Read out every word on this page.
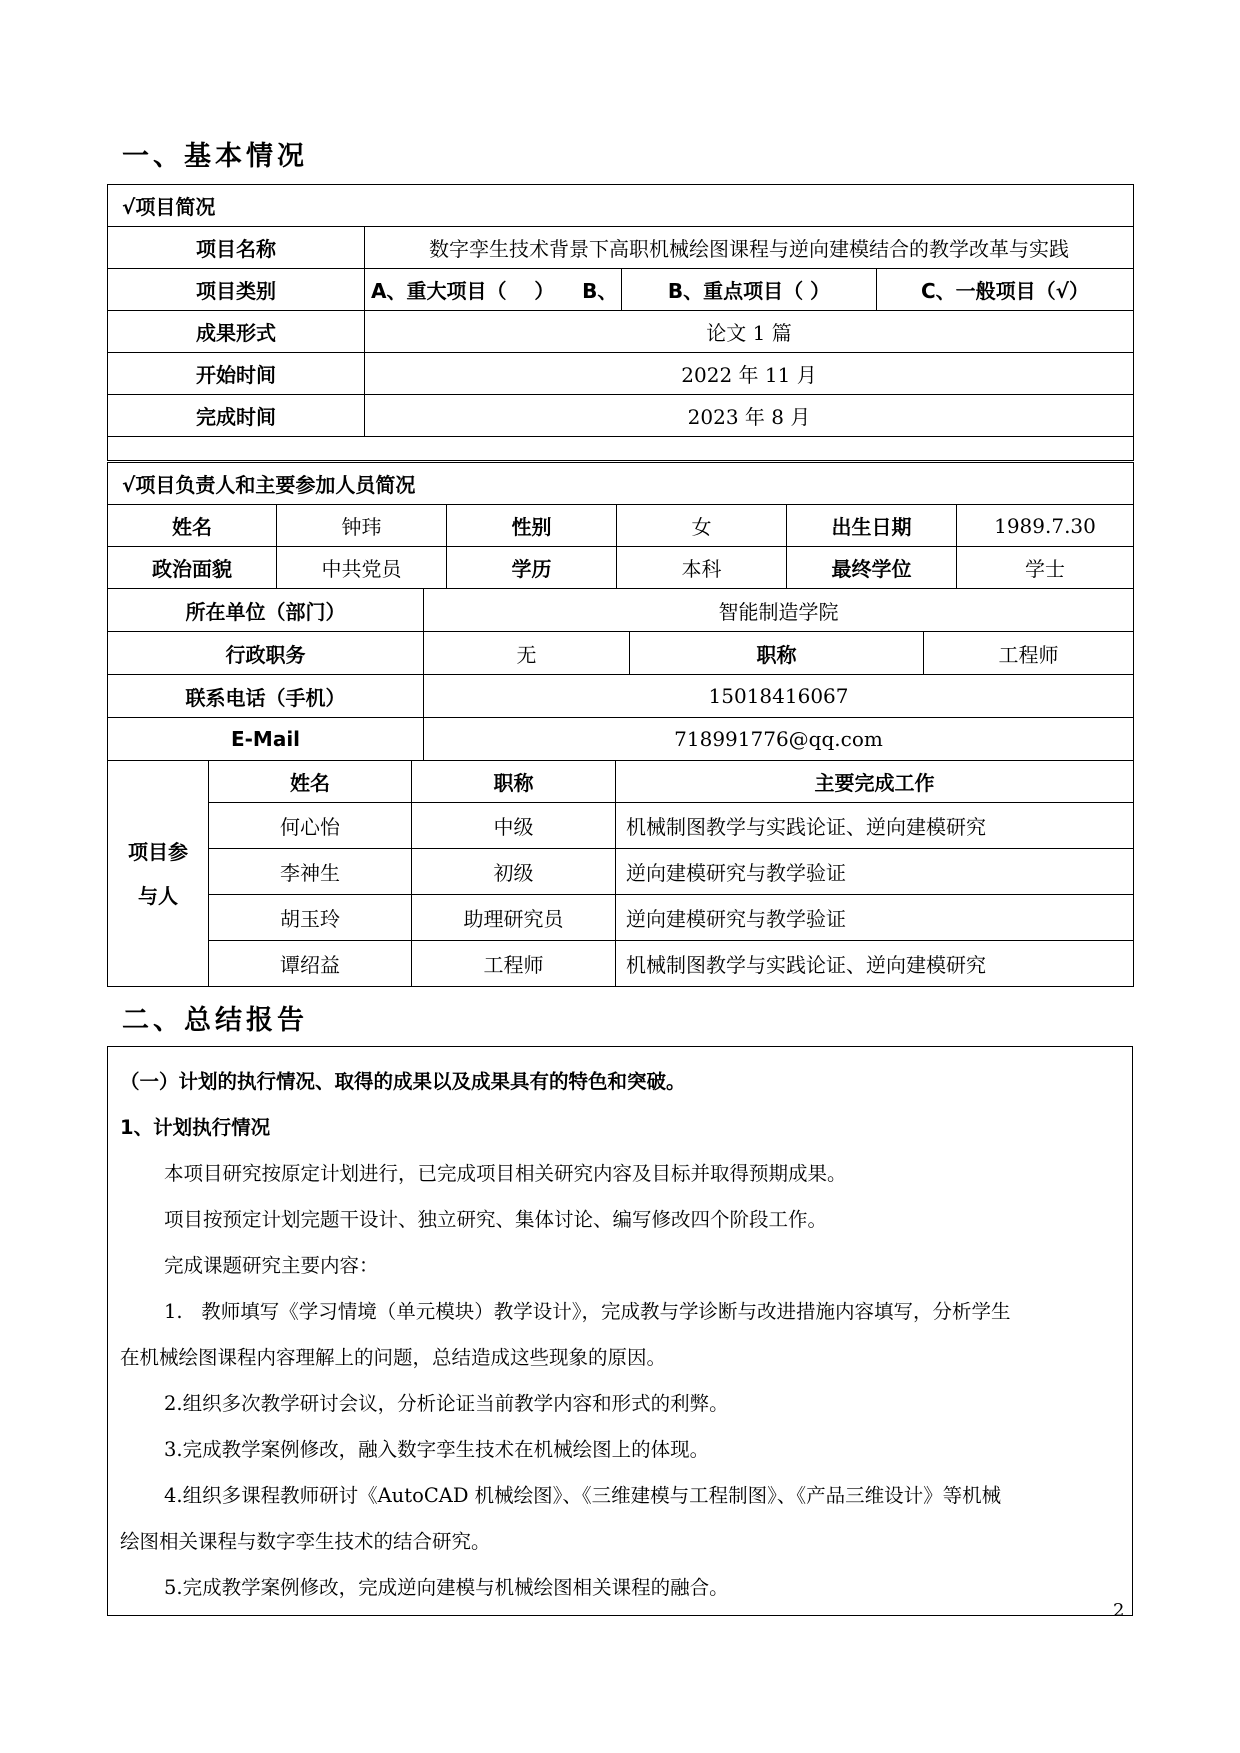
一、基本情况
√项目简况			
项目名称	数字孪生技术背景下高职机械绘图课程与逆向建模结合的教学改革与实践		
项目类别	A、重大项目（    ）    B、	B、重点项目（ ）	C、一般项目（√）
成果形式	论文 1 篇		
开始时间	2022 年 11 月		
完成时间	2023 年 8 月		

√项目负责人和主要参加人员简况					
姓名	钟玮	性别	女	出生日期	1989.7.30
政治面貌	中共党员	学历	本科	最终学位	学士
所在单位（部门）	智能制造学院		
行政职务	无	职称	工程师
联系电话（手机）	15018416067		
E-Mail	718991776@qq.com		
项目参与人	姓名	职称	主要完成工作
	何心怡	中级	机械制图教学与实践论证、逆向建模研究
	李神生	初级	逆向建模研究与教学验证
	胡玉玲	助理研究员	逆向建模研究与教学验证
	谭绍益	工程师	机械制图教学与实践论证、逆向建模研究
二、总结报告

（一）计划的执行情况、取得的成果以及成果具有的特色和突破。

1、计划执行情况

本项目研究按原定计划进行，已完成项目相关研究内容及目标并取得预期成果。

项目按预定计划完题干设计、独立研究、集体讨论、编写修改四个阶段工作。

完成课题研究主要内容：

1.   教师填写《学习情境（单元模块）教学设计》，完成教与学诊断与改进措施内容填写，分析学生

在机械绘图课程内容理解上的问题，总结造成这些现象的原因。

2.组织多次教学研讨会议，分析论证当前教学内容和形式的利弊。

3.完成教学案例修改，融入数字孪生技术在机械绘图上的体现。

4.组织多课程教师研讨《AutoCAD 机械绘图》、《三维建模与工程制图》、《产品三维设计》等机械

绘图相关课程与数字孪生技术的结合研究。

5.完成教学案例修改，完成逆向建模与机械绘图相关课程的融合。

2
